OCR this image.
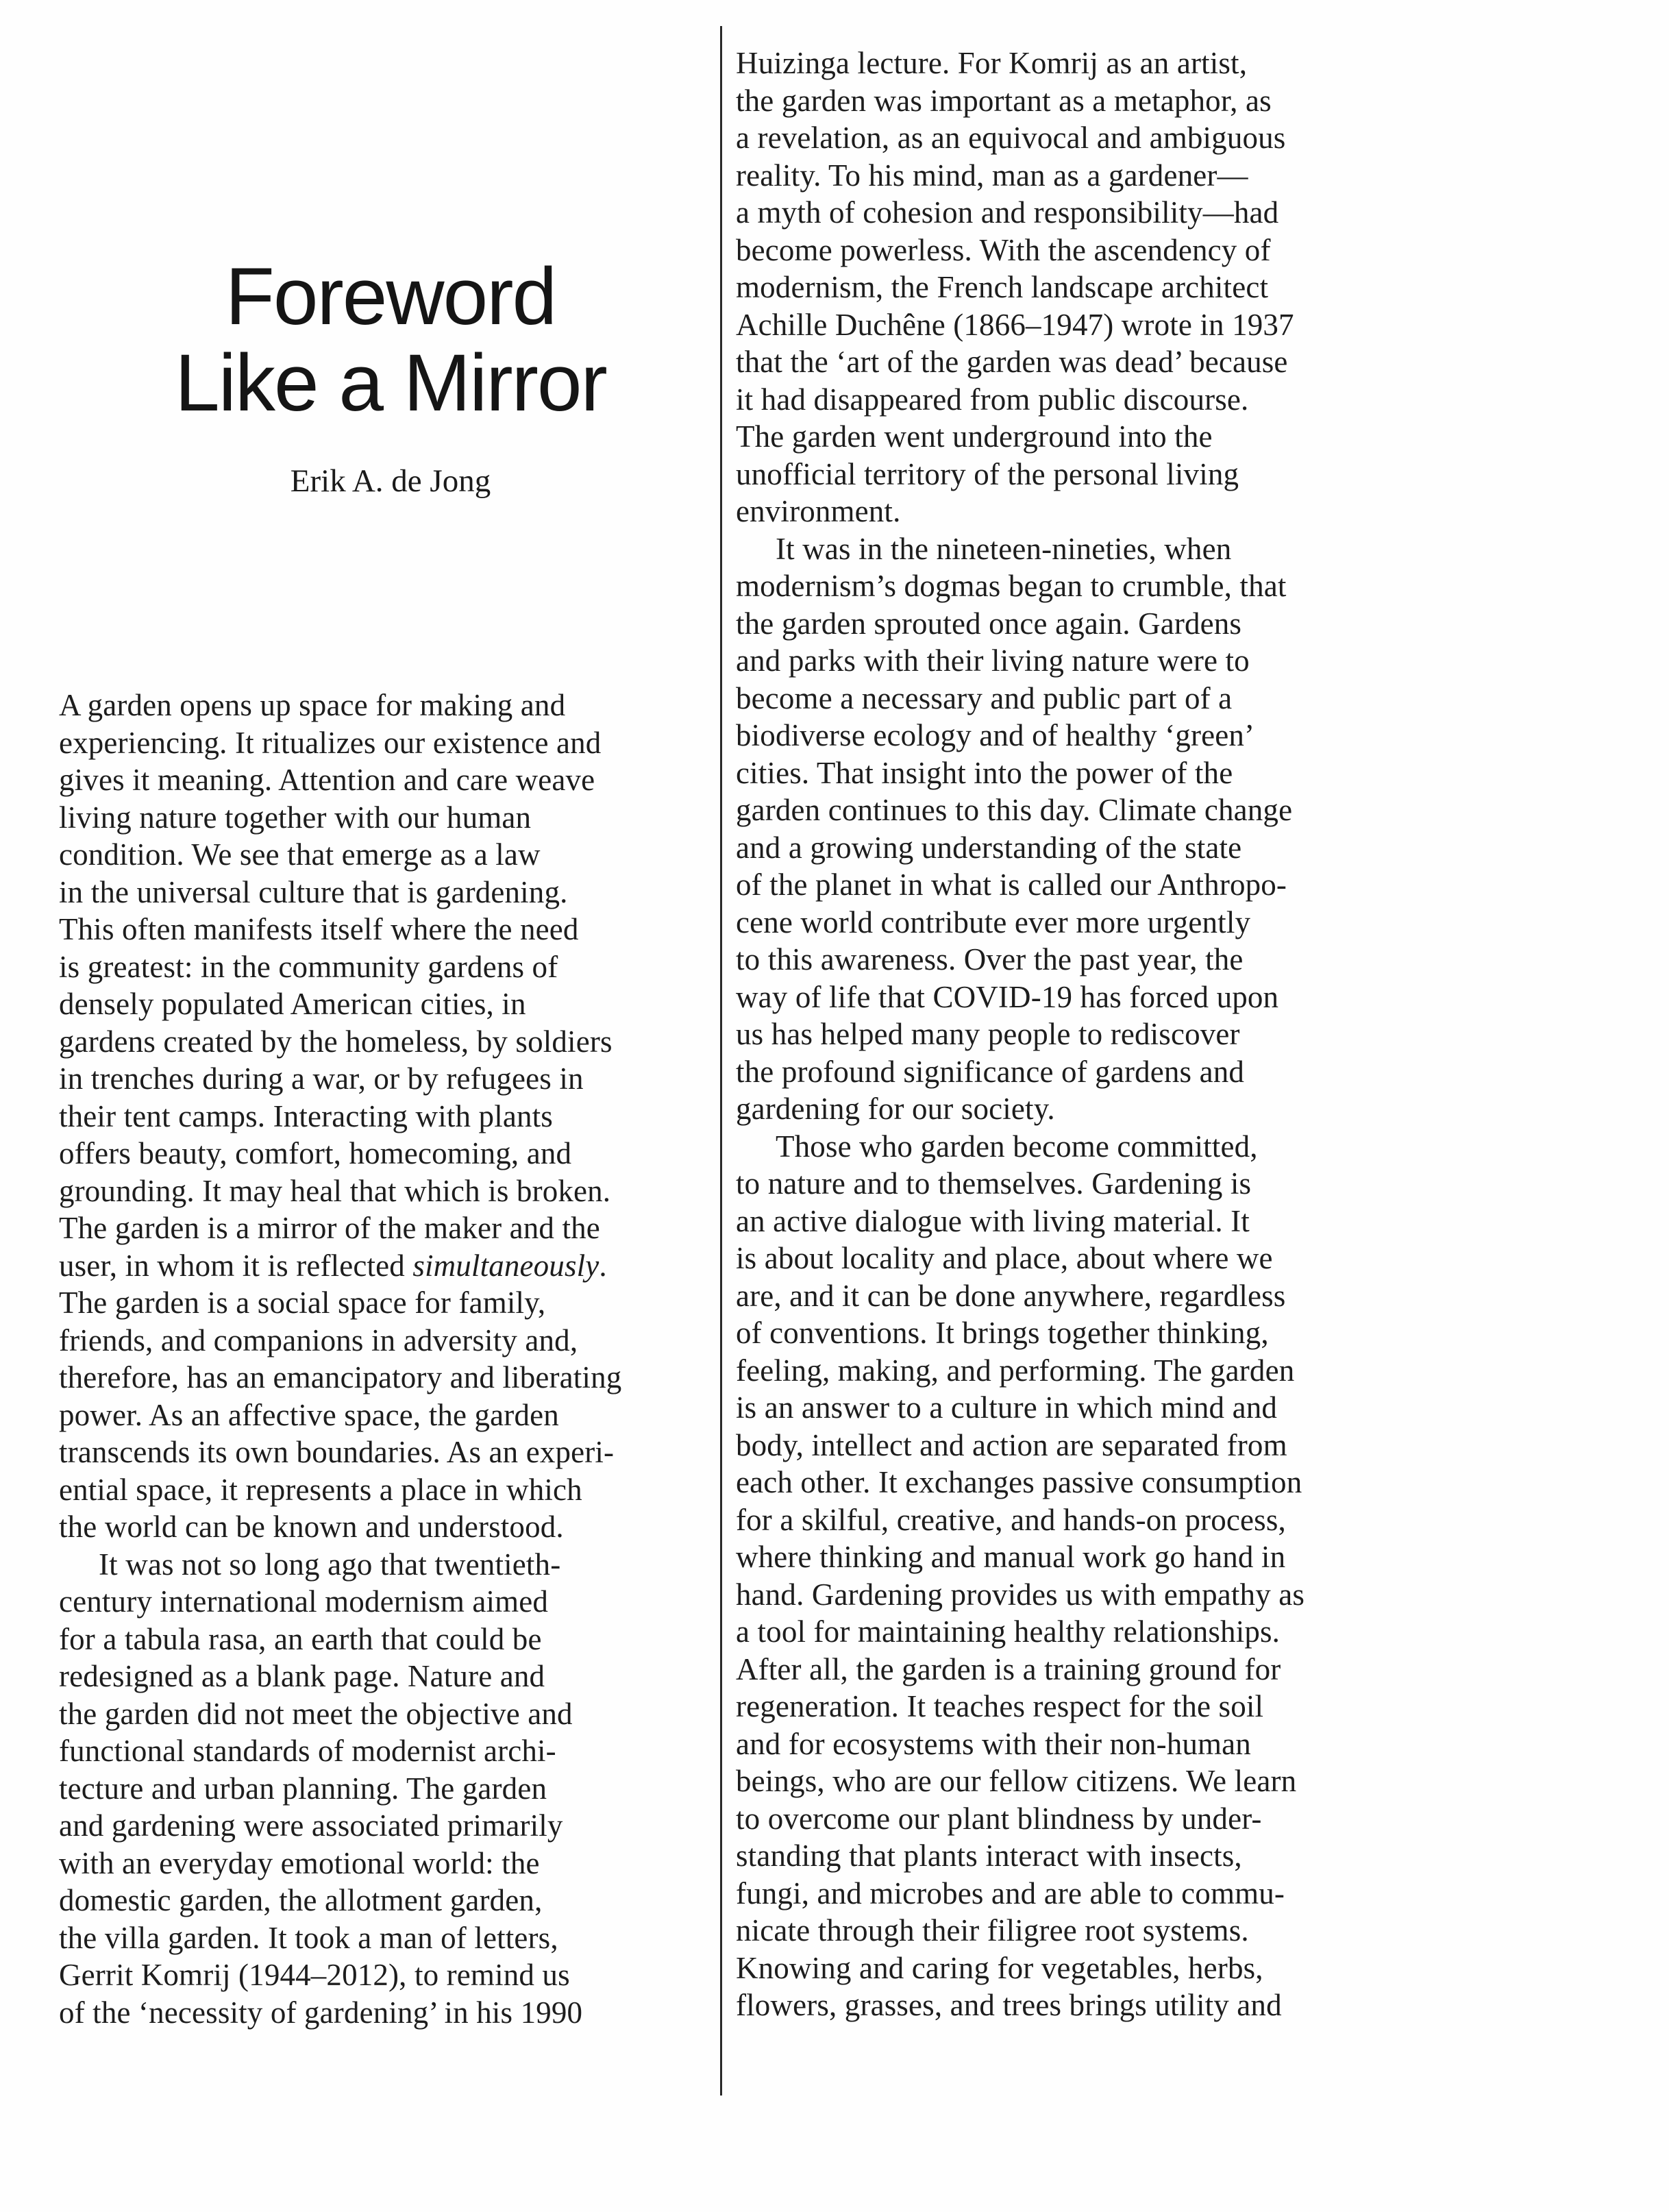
Foreword
Like a Mirror
Erik A. de Jong

A garden opens up space for making and
experiencing. It ritualizes our existence and
gives it meaning. Attention and care weave
living nature together with our human
condition. We see that emerge as a law
in the universal culture that is gardening.
This often manifests itself where the need
is greatest: in the community gardens of
densely populated American cities, in
gardens created by the homeless, by soldiers
in trenches during a war, or by refugees in
their tent camps. Interacting with plants
offers beauty, comfort, homecoming, and
grounding. It may heal that which is broken.
The garden is a mirror of the maker and the
user, in whom it is reflected simultaneously.
The garden is a social space for family,
friends, and companions in adversity and,
therefore, has an emancipatory and liberating
power. As an affective space, the garden
transcends its own boundaries. As an experi-
ential space, it represents a place in which
the world can be known and understood.

It was not so long ago that twentieth-
century international modernism aimed
for a tabula rasa, an earth that could be
redesigned as a blank page. Nature and
the garden did not meet the objective and
functional standards of modernist archi-
tecture and urban planning. The garden
and gardening were associated primarily
with an everyday emotional world: the
domestic garden, the allotment garden,
the villa garden. It took a man of letters,
Gerrit Komrij (1944–2012), to remind us
of the ‘necessity of gardening’ in his 1990

Huizinga lecture. For Komrij as an artist,
the garden was important as a metaphor, as
a revelation, as an equivocal and ambiguous
reality. To his mind, man as a gardener—
a myth of cohesion and responsibility—had
become powerless. With the ascendency of
modernism, the French landscape architect
Achille Duchêne (1866–1947) wrote in 1937
that the ‘art of the garden was dead’ because
it had disappeared from public discourse.
The garden went underground into the
unofficial territory of the personal living
environment.

It was in the nineteen-nineties, when
modernism’s dogmas began to crumble, that
the garden sprouted once again. Gardens
and parks with their living nature were to
become a necessary and public part of a
biodiverse ecology and of healthy ‘green’
cities. That insight into the power of the
garden continues to this day. Climate change
and a growing understanding of the state
of the planet in what is called our Anthropo-
cene world contribute ever more urgently
to this awareness. Over the past year, the
way of life that COVID-19 has forced upon
us has helped many people to rediscover
the profound significance of gardens and
gardening for our society.

Those who garden become committed,
to nature and to themselves. Gardening is
an active dialogue with living material. It
is about locality and place, about where we
are, and it can be done anywhere, regardless
of conventions. It brings together thinking,
feeling, making, and performing. The garden
is an answer to a culture in which mind and
body, intellect and action are separated from
each other. It exchanges passive consumption
for a skilful, creative, and hands-on process,
where thinking and manual work go hand in
hand. Gardening provides us with empathy as
a tool for maintaining healthy relationships.
After all, the garden is a training ground for
regeneration. It teaches respect for the soil
and for ecosystems with their non-human
beings, who are our fellow citizens. We learn
to overcome our plant blindness by under-
standing that plants interact with insects,
fungi, and microbes and are able to commu-
nicate through their filigree root systems.
Knowing and caring for vegetables, herbs,
flowers, grasses, and trees brings utility and
